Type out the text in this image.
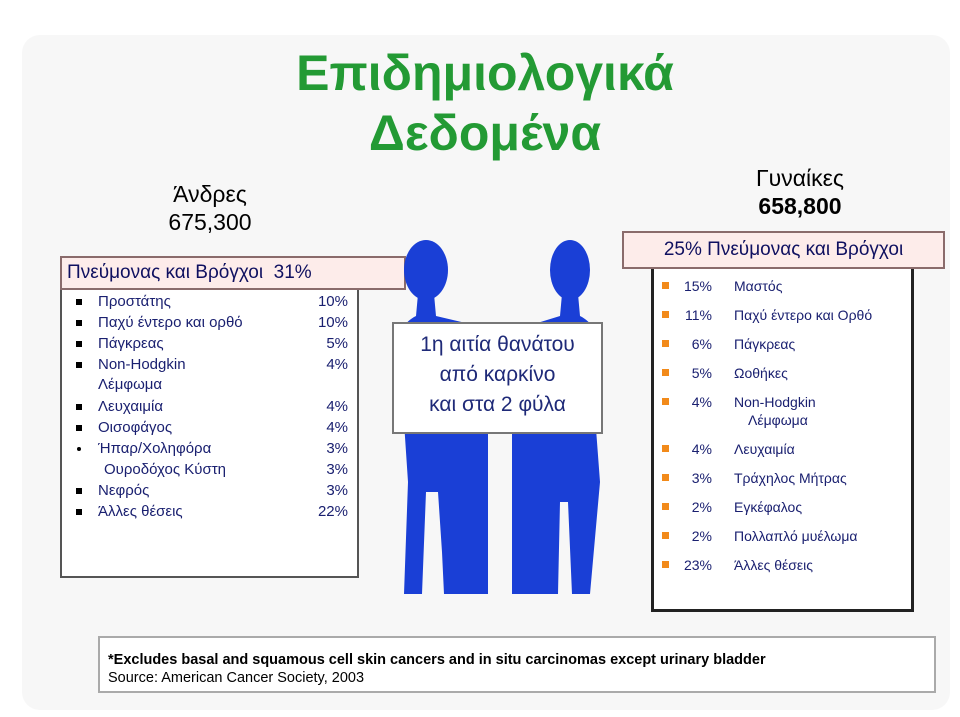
Επιδημιολογικά
Δεδομένα
Άνδρες
675,300
Πνεύμονας και Βρόγχοι 31%
Προστάτης	10%
Παχύ έντερο και ορθό	10%
Πάγκρεας	5%
Non-Hodgkin	4%
Λέμφωμα
Λευχαιμία	4%
Οισοφάγος	4%
Ήπαρ/Χοληφόρα	3%
Ουροδόχος Κύστη	3%
Νεφρός	3%
Άλλες θέσεις	22%
1η αιτία θανάτου
από καρκίνο
και στα 2 φύλα
Γυναίκες
658,800
25% Πνεύμονας και Βρόγχοι
15% Μαστός
11% Παχύ έντερο και Ορθό
6% Πάγκρεας
5% Ωοθήκες
4% Non-Hodgkin
Λέμφωμα
4% Λευχαιμία
3% Τράχηλος Μήτρας
2% Εγκέφαλος
2% Πολλαπλό μυέλωμα
23% Άλλες θέσεις
*Excludes basal and squamous cell skin cancers and in situ carcinomas except urinary bladder
Source: American Cancer Society, 2003
